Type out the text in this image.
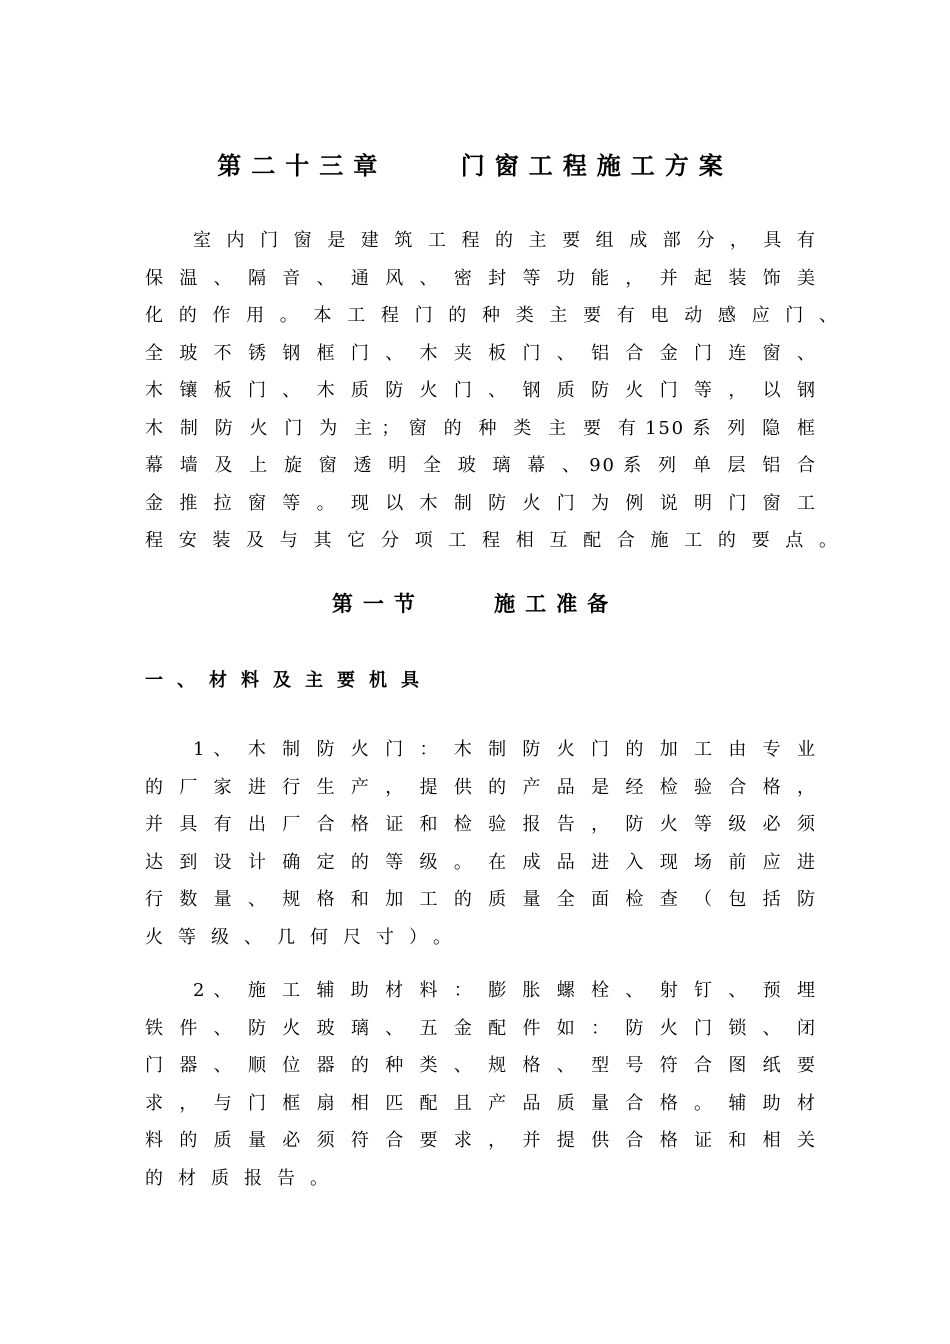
第二十三章    门窗工程施工方案
室 内 门 窗 是 建 筑 工 程 的 主 要 组 成 部 分 ， 具 有
保 温 、 隔 音 、 通 风 、 密 封 等 功 能 ， 并 起 装 饰 美
化 的 作 用 。 本 工 程 门 的 种 类 主 要 有 电 动 感 应 门 、
全 玻 不 锈 钢 框 门 、 木 夹 板 门 、 铝 合 金 门 连 窗 、
木 镶 板 门 、 木 质 防 火 门 、 钢 质 防 火 门 等 ， 以 钢
木 制 防 火 门 为 主 ； 窗 的 种 类 主 要 有 1 5 0 系 列 隐 框
幕 墙 及 上 旋 窗 透 明 全 玻 璃 幕 、 9 0 系 列 单 层 铝 合
金 推 拉 窗 等 。 现 以 木 制 防 火 门 为 例 说 明 门 窗 工
程 安 装 及 与 其 它 分 项 工 程 相 互 配 合 施 工 的 要 点 。
第一节    施工准备
一、材料及主要机具
1 、 木 制 防 火 门 ： 木 制 防 火 门 的 加 工 由 专 业
的 厂 家 进 行 生 产 ， 提 供 的 产 品 是 经 检 验 合 格 ，
并 具 有 出 厂 合 格 证 和 检 验 报 告 ， 防 火 等 级 必 须
达 到 设 计 确 定 的 等 级 。 在 成 品 进 入 现 场 前 应 进
行 数 量 、 规 格 和 加 工 的 质 量 全 面 检 查 （ 包 括 防
火等级、几何尺寸）。
2 、 施 工 辅 助 材 料 ： 膨 胀 螺 栓 、 射 钉 、 预 埋
铁 件 、 防 火 玻 璃 、 五 金 配 件 如 ： 防 火 门 锁 、 闭
门 器 、 顺 位 器 的 种 类 、 规 格 、 型 号 符 合 图 纸 要
求 ， 与 门 框 扇 相 匹 配 且 产 品 质 量 合 格 。 辅 助 材
料 的 质 量 必 须 符 合 要 求 ， 并 提 供 合 格 证 和 相 关
的材质报告。
